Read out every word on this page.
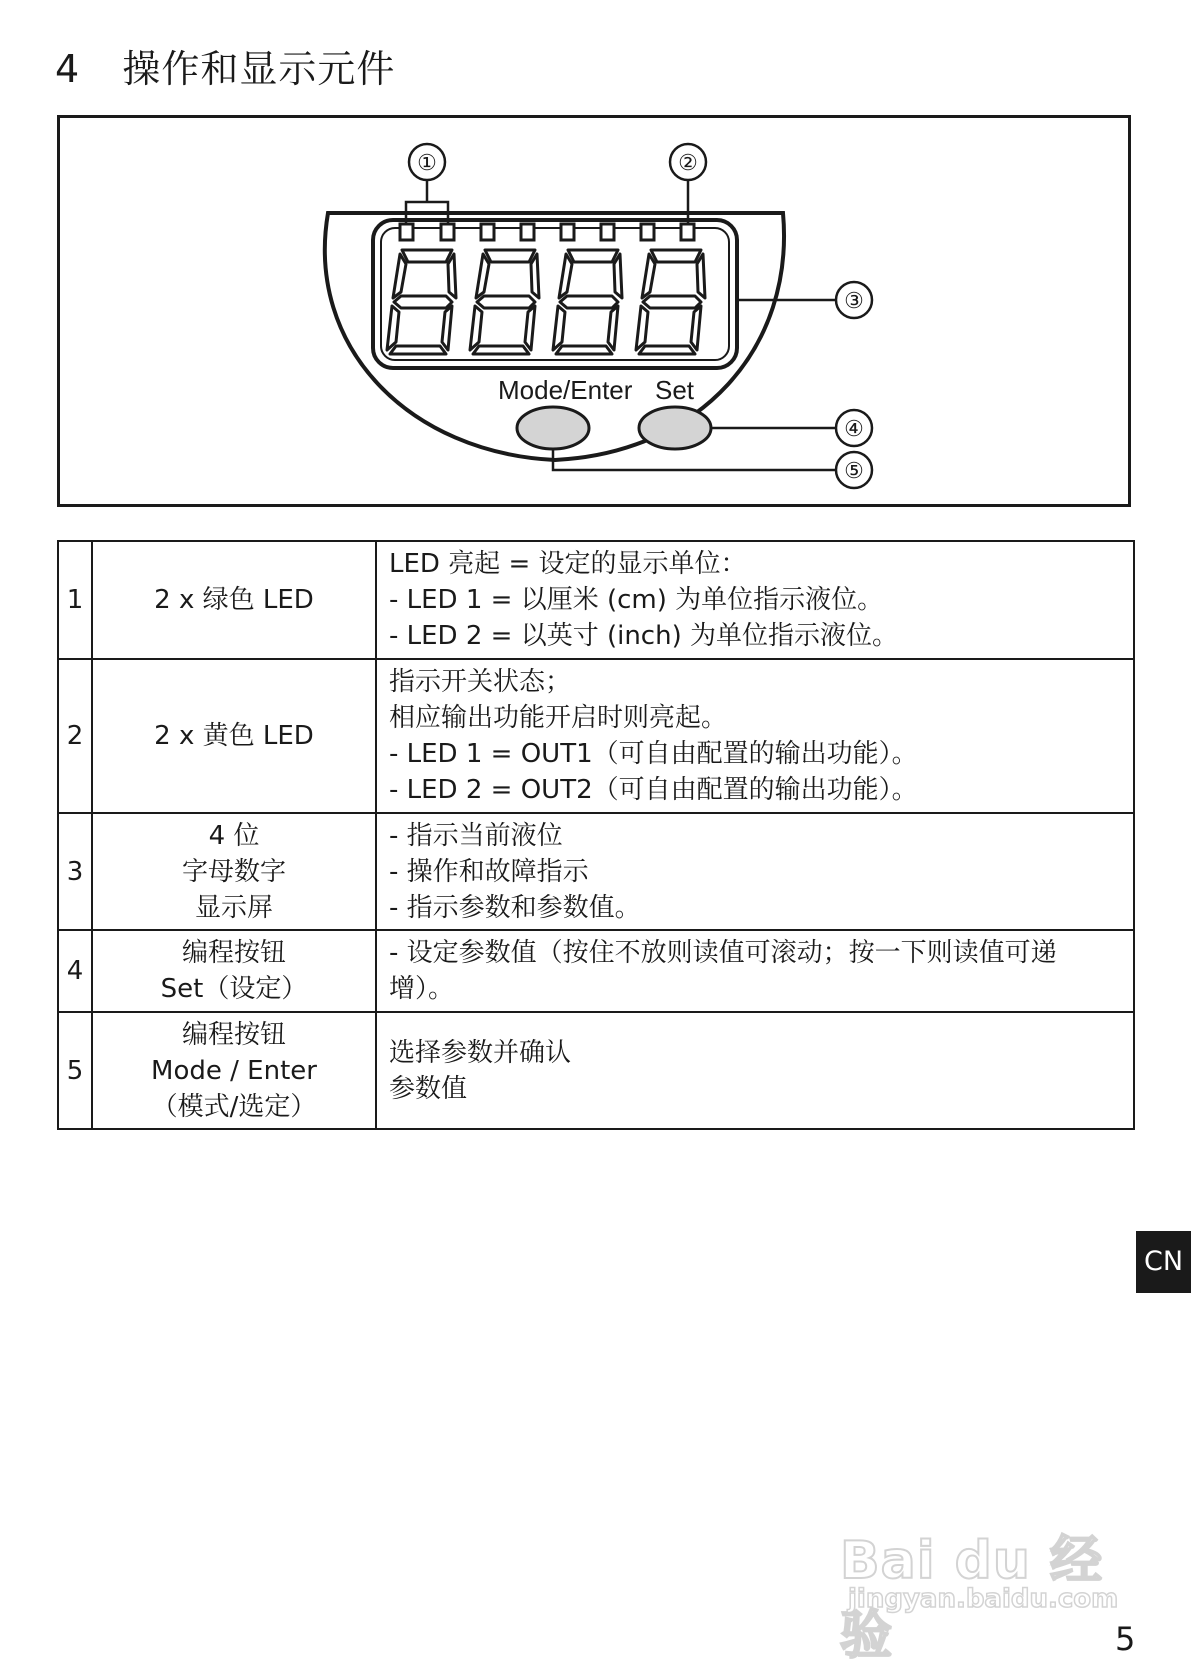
4 操作和显示元件
Mode/Enter Set
①	②
③
④
⑤
1	2 x 绿色 LED	LED 亮起 = 设定的显示单位：
- LED 1 = 以厘米 (cm) 为单位指示液位。
- LED 2 = 以英寸 (inch) 为单位指示液位。

2	2 x 黄色 LED	指示开关状态；
相应输出功能开启时则亮起。
- LED 1 = OUT1（可自由配置的输出功能）。
- LED 2 = OUT2（可自由配置的输出功能）。

3	4 位
字母数字
显示屏	- 指示当前液位
- 操作和故障指示
- 指示参数和参数值。

4	编程按钮
Set（设定）	- 设定参数值（按住不放则读值可滚动；按一下则读值可递
增）。

5	编程按钮
Mode / Enter
（模式/选定）	选择参数并确认
参数值
CN
Bai du 经验
jingyan.baidu.com
5
